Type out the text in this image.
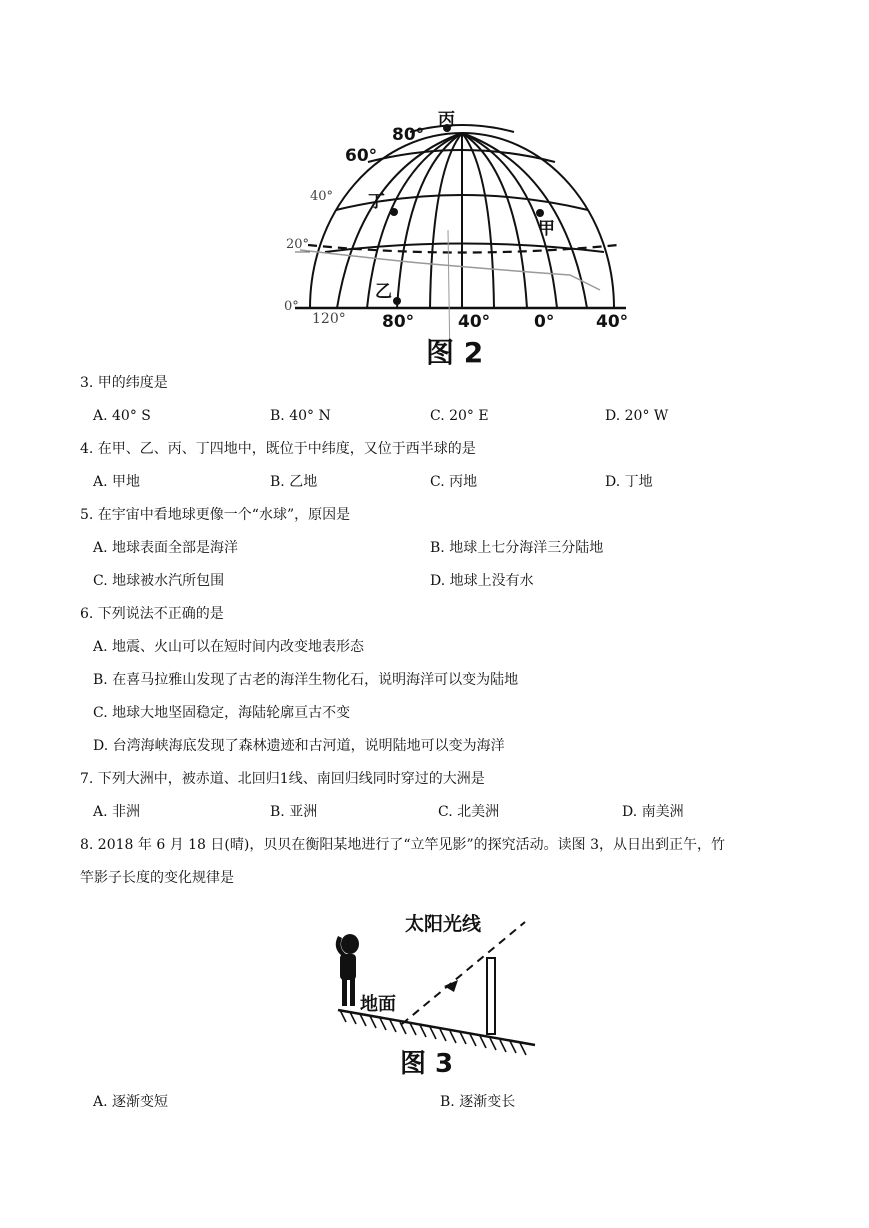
80°
60°
丙
丁
甲
乙
80°	40°	0° 40°
图 2
40°
20°
0°
120°
3. 甲的纬度是
A. 40° S	B. 40° N	C. 20° E	D. 20° W
4. 在甲、乙、丙、丁四地中，既位于中纬度，又位于西半球的是
A. 甲地	B. 乙地	C. 丙地	D. 丁地
5. 在宇宙中看地球更像一个“水球”，原因是
A. 地球表面全部是海洋	B. 地球上七分海洋三分陆地
C. 地球被水汽所包围	D. 地球上没有水
6. 下列说法不正确的是
A. 地震、火山可以在短时间内改变地表形态
B. 在喜马拉雅山发现了古老的海洋生物化石，说明海洋可以变为陆地
C. 地球大地坚固稳定，海陆轮廓亘古不变
D. 台湾海峡海底发现了森林遗迹和古河道，说明陆地可以变为海洋
7. 下列大洲中，被赤道、北回归1线、南回归线同时穿过的大洲是
A. 非洲	B. 亚洲	C. 北美洲	D. 南美洲
8. 2018 年 6 月 18 日(晴)，贝贝在衡阳某地进行了“立竿见影”的探究活动。读图 3，从日出到正午，竹
竿影子长度的变化规律是
太阳光线
地面
图 3
A. 逐渐变短	B. 逐渐变长
